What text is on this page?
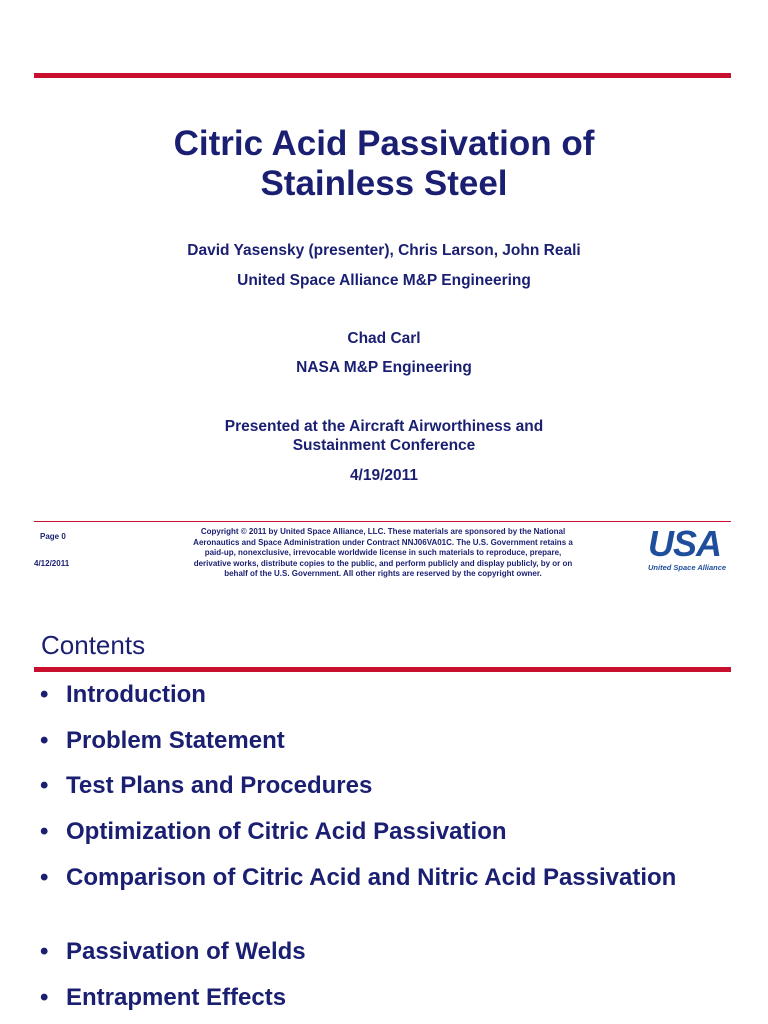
Citric Acid Passivation of
Stainless Steel
David Yasensky (presenter), Chris Larson, John Reali
United Space Alliance M&P Engineering
Chad Carl
NASA M&P Engineering
Presented at the Aircraft Airworthiness and
Sustainment Conference
4/19/2011
Page 0
4/12/2011
Copyright © 2011 by United Space Alliance, LLC. These materials are sponsored by the National
Aeronautics and Space Administration under Contract NNJ06VA01C. The U.S. Government retains a
paid-up, nonexclusive, irrevocable worldwide license in such materials to reproduce, prepare,
derivative works, distribute copies to the public, and perform publicly and display publicly, by or on
behalf of the U.S. Government. All other rights are reserved by the copyright owner.
USA
United Space Alliance
Contents
• Introduction
• Problem Statement
• Test Plans and Procedures
• Optimization of Citric Acid Passivation
• Comparison of Citric Acid and Nitric Acid Passivation
• Passivation of Welds
• Entrapment Effects
